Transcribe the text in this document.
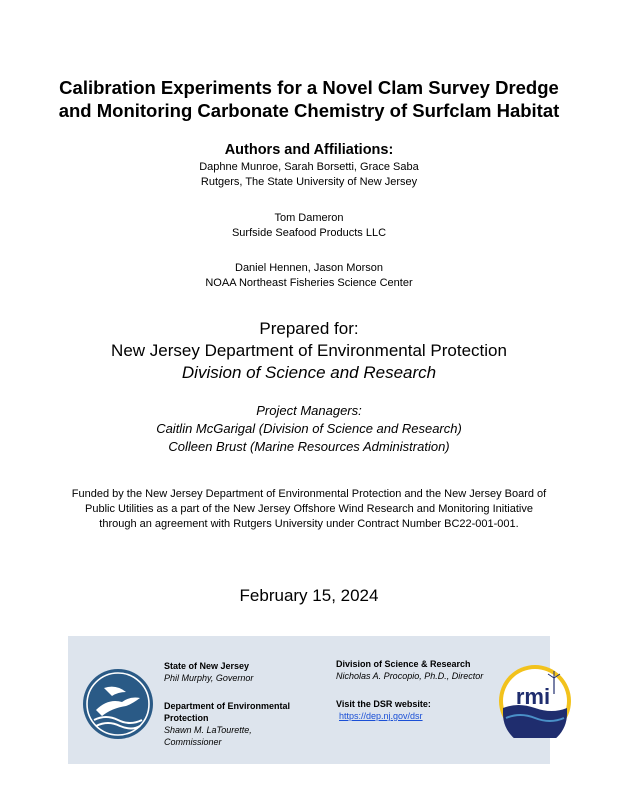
Calibration Experiments for a Novel Clam Survey Dredge
and Monitoring Carbonate Chemistry of Surfclam Habitat
Authors and Affiliations:
Daphne Munroe, Sarah Borsetti, Grace Saba
Rutgers, The State University of New Jersey
Tom Dameron
Surfside Seafood Products LLC
Daniel Hennen, Jason Morson
NOAA Northeast Fisheries Science Center
Prepared for:
New Jersey Department of Environmental Protection
Division of Science and Research
Project Managers:
Caitlin McGarigal (Division of Science and Research)
Colleen Brust (Marine Resources Administration)
Funded by the New Jersey Department of Environmental Protection and the New Jersey Board of
Public Utilities as a part of the New Jersey Offshore Wind Research and Monitoring Initiative
through an agreement with Rutgers University under Contract Number BC22-001-001.
February 15, 2024
State of New Jersey
Phil Murphy, Governor
Department of Environmental
Protection
Shawn M. LaTourette,
Commissioner
Division of Science & Research
Nicholas A. Procopio, Ph.D., Director
Visit the DSR website:
https://dep.nj.gov/dsr
rmi
